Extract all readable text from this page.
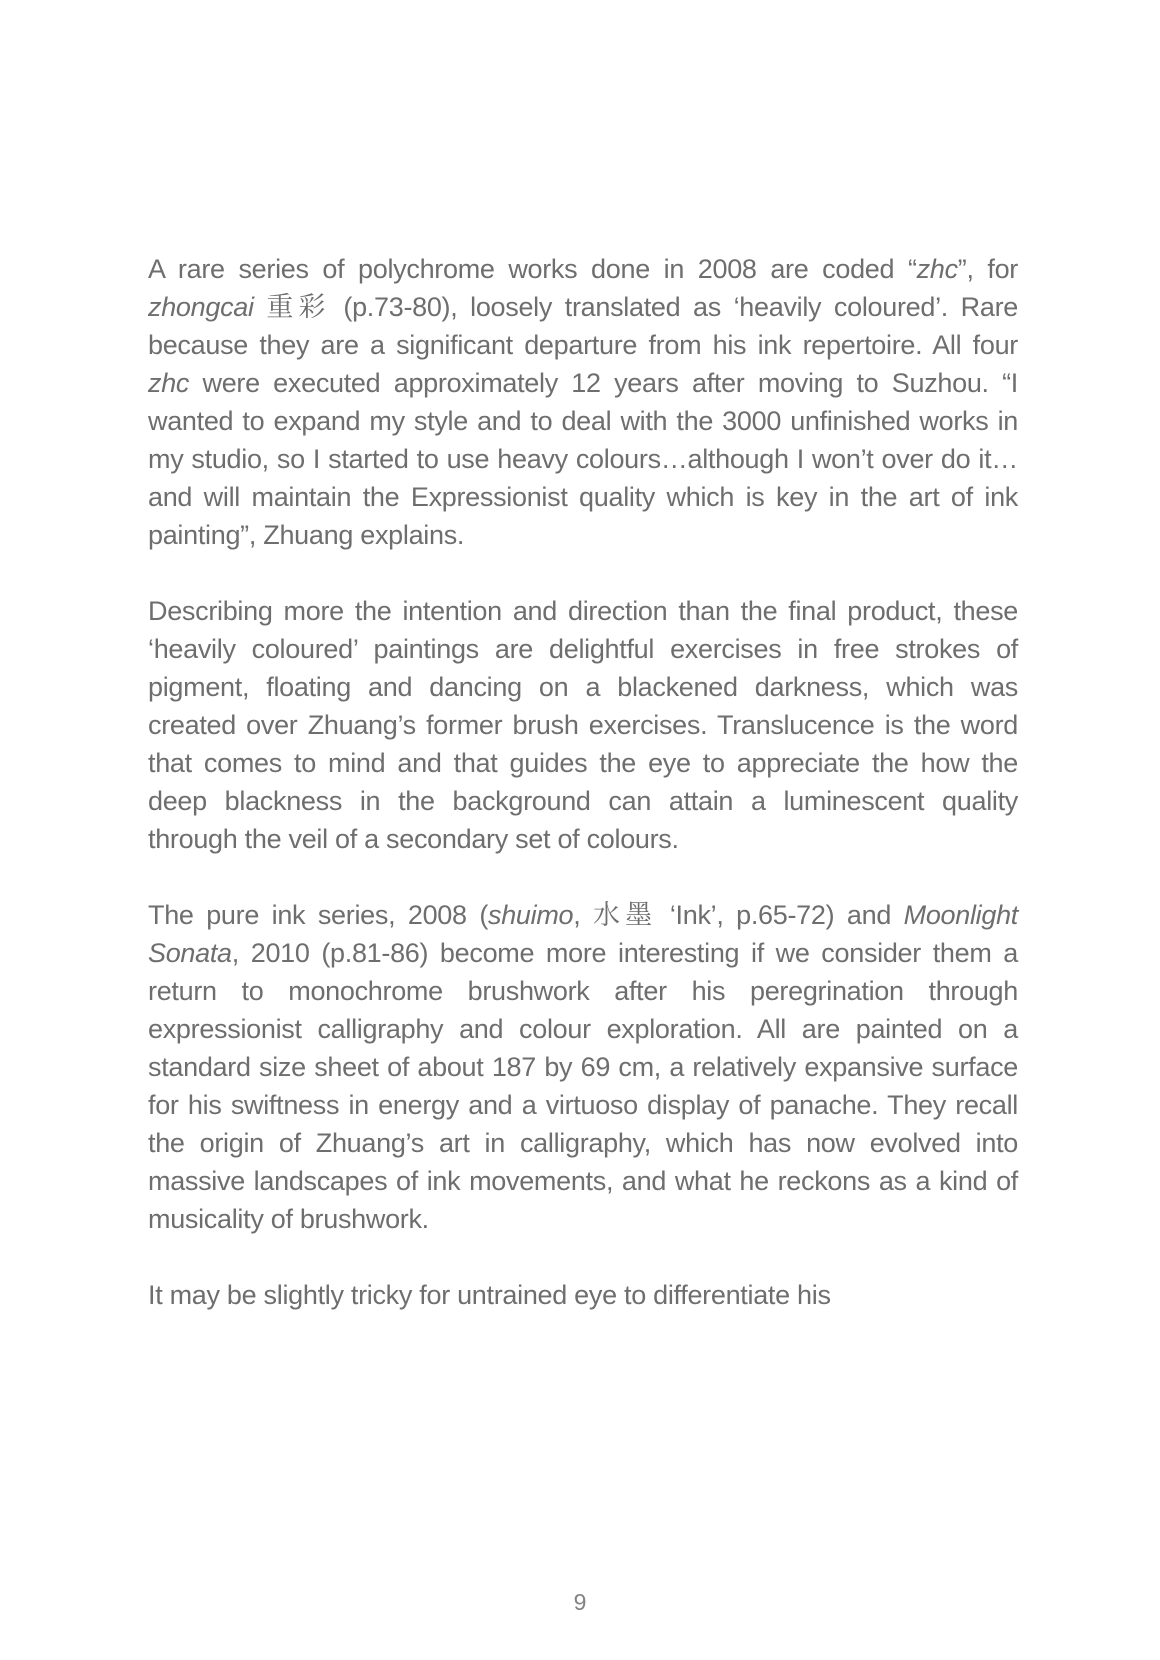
A rare series of polychrome works done in 2008 are coded “zhc”, for zhongcai 重彩 (p.73-80), loosely translated as ‘heavily coloured’. Rare because they are a significant departure from his ink repertoire. All four zhc were executed approximately 12 years after moving to Suzhou. “I wanted to expand my style and to deal with the 3000 unfinished works in my studio, so I started to use heavy colours…although I won’t over do it…and will maintain the Expressionist quality which is key in the art of ink painting”, Zhuang explains.

Describing more the intention and direction than the final product, these ‘heavily coloured’ paintings are delightful exercises in free strokes of pigment, floating and dancing on a blackened darkness, which was created over Zhuang’s former brush exercises. Translucence is the word that comes to mind and that guides the eye to appreciate the how the deep blackness in the background can attain a luminescent quality through the veil of a secondary set of colours.

The pure ink series, 2008 (shuimo, 水墨 ‘Ink’, p.65-72) and Moonlight Sonata, 2010 (p.81-86) become more interesting if we consider them a return to monochrome brushwork after his peregrination through expressionist calligraphy and colour exploration. All are painted on a standard size sheet of about 187 by 69 cm, a relatively expansive surface for his swiftness in energy and a virtuoso display of panache. They recall the origin of Zhuang’s art in calligraphy, which has now evolved into massive landscapes of ink movements, and what he reckons as a kind of musicality of brushwork.

It may be slightly tricky for untrained eye to differentiate his

9
